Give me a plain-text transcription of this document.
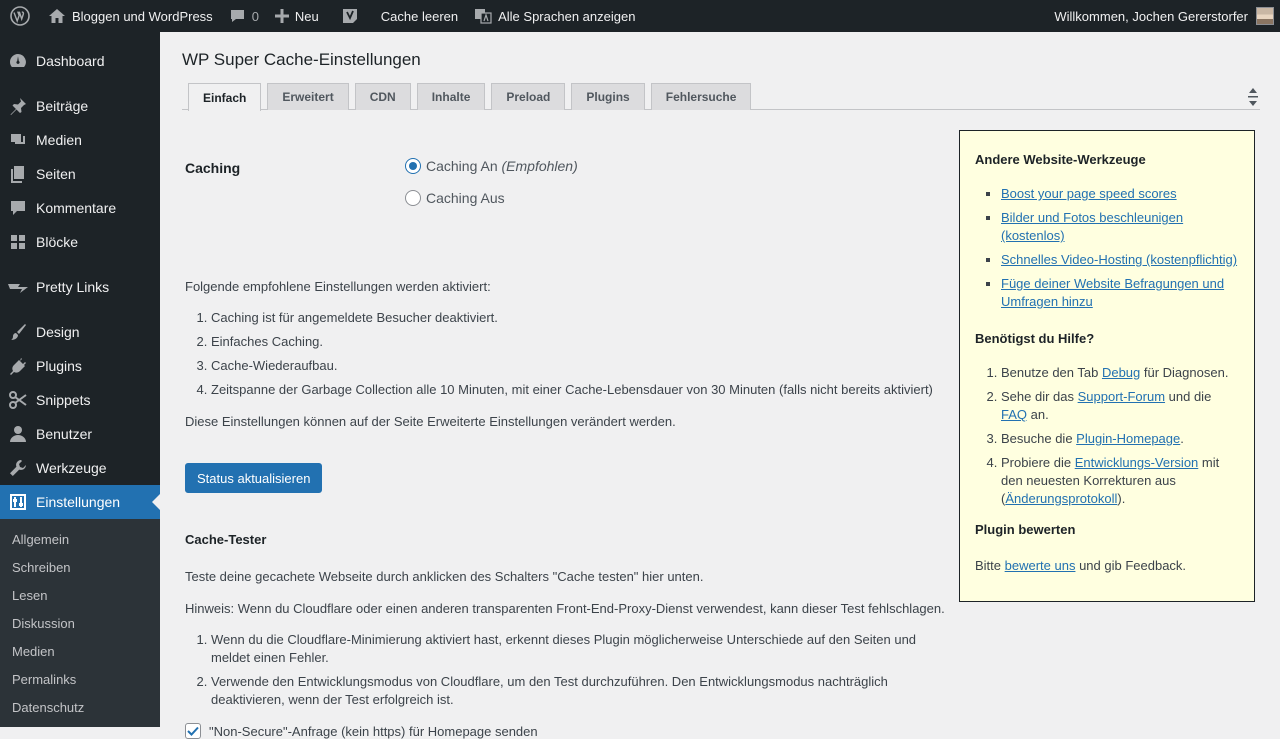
Bloggen und WordPress	0	Neu	Cache leeren	Alle Sprachen anzeigen	Willkommen, Jochen Gererstorfer
Dashboard
Beiträge
Medien
Seiten
Kommentare
Blöcke
Pretty Links
Design
Plugins
Snippets
Benutzer
Werkzeuge
Einstellungen
Allgemein
Schreiben
Lesen
Diskussion
Medien
Permalinks
Datenschutz
WP Super Cache-Einstellungen
Einfach	Erweitert	CDN	Inhalte	Preload	Plugins	Fehlersuche
Caching	Caching An
(Empfohlen)
Caching Aus
Folgende empfohlene Einstellungen werden aktiviert:
1. Caching ist für angemeldete Besucher deaktiviert.
2. Einfaches Caching.
3. Cache-Wiederaufbau.
4. Zeitspanne der Garbage Collection alle 10 Minuten, mit einer Cache-Lebensdauer von 30 Minuten (falls nicht bereits aktiviert)
Diese Einstellungen können auf der Seite Erweiterte Einstellungen verändert werden.
Status aktualisieren
Cache-Tester
Teste deine gecachete Webseite durch anklicken des Schalters "Cache testen" hier unten.
Hinweis: Wenn du Cloudflare oder einen anderen transparenten Front-End-Proxy-Dienst verwendest, kann dieser Test fehlschlagen.
1. Wenn du die Cloudflare-Minimierung aktiviert hast, erkennt dieses Plugin möglicherweise Unterschiede auf den Seiten und meldet einen Fehler.
2. Verwende den Entwicklungsmodus von Cloudflare, um den Test durchzuführen. Den Entwicklungsmodus nachträglich deaktivieren, wenn der Test erfolgreich ist.
"Non-Secure"-Anfrage (kein https) für Homepage senden
Andere Website-Werkzeuge
▪ Boost your page speed scores
▪ Bilder und Fotos beschleunigen (kostenlos)
▪ Schnelles Video-Hosting (kostenpflichtig)
▪ Füge deiner Website Befragungen und Umfragen hinzu
Benötigst du Hilfe?
1. Benutze den Tab Debug für Diagnosen.
2. Sehe dir das Support-Forum und die FAQ an.
3. Besuche die Plugin-Homepage.
4. Probiere die Entwicklungs-Version mit den neuesten Korrekturen aus (Änderungsprotokoll).
Plugin bewerten

Bitte bewerte uns und gib Feedback.
